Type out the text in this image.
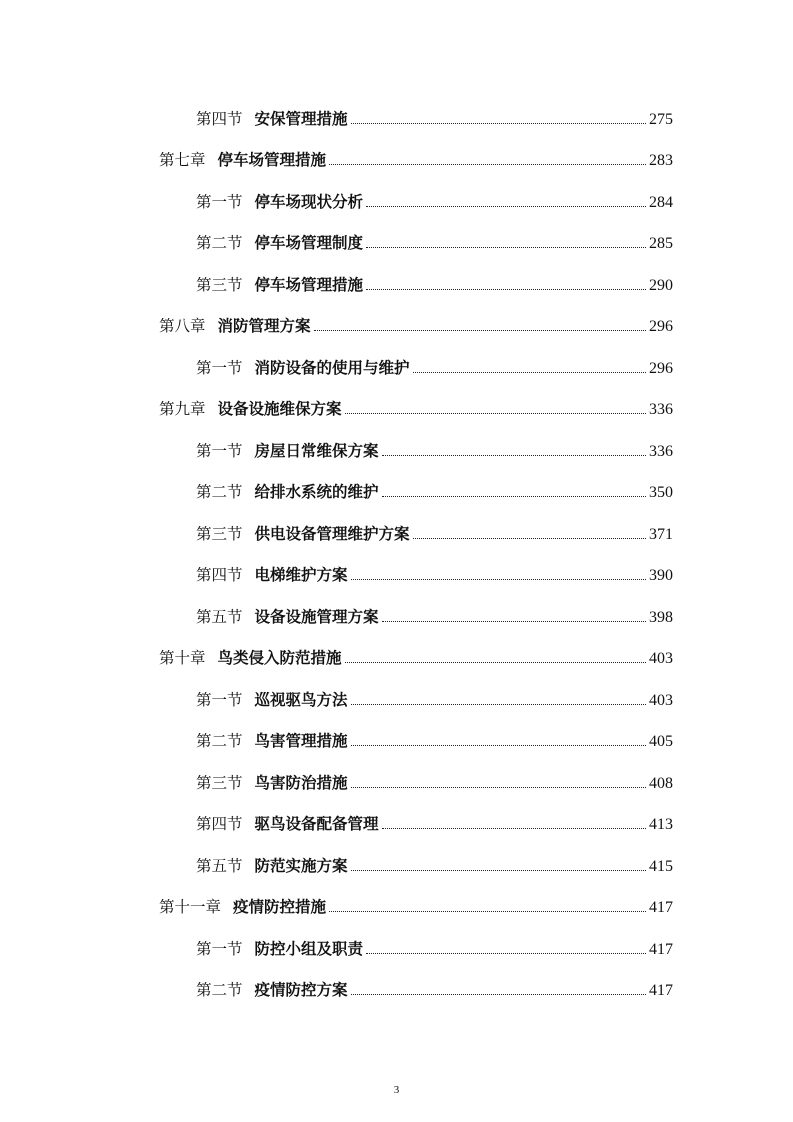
第四节 安保管理措施	275
第七章 停车场管理措施	283
第一节 停车场现状分析	284
第二节 停车场管理制度	285
第三节 停车场管理措施	290
第八章 消防管理方案	296
第一节 消防设备的使用与维护	296
第九章 设备设施维保方案	336
第一节 房屋日常维保方案	336
第二节 给排水系统的维护	350
第三节 供电设备管理维护方案	371
第四节 电梯维护方案	390
第五节 设备设施管理方案	398
第十章 鸟类侵入防范措施	403
第一节 巡视驱鸟方法	403
第二节 鸟害管理措施	405
第三节 鸟害防治措施	408
第四节 驱鸟设备配备管理	413
第五节 防范实施方案	415
第十一章 疫情防控措施	417
第一节 防控小组及职责	417
第二节 疫情防控方案	417
3
